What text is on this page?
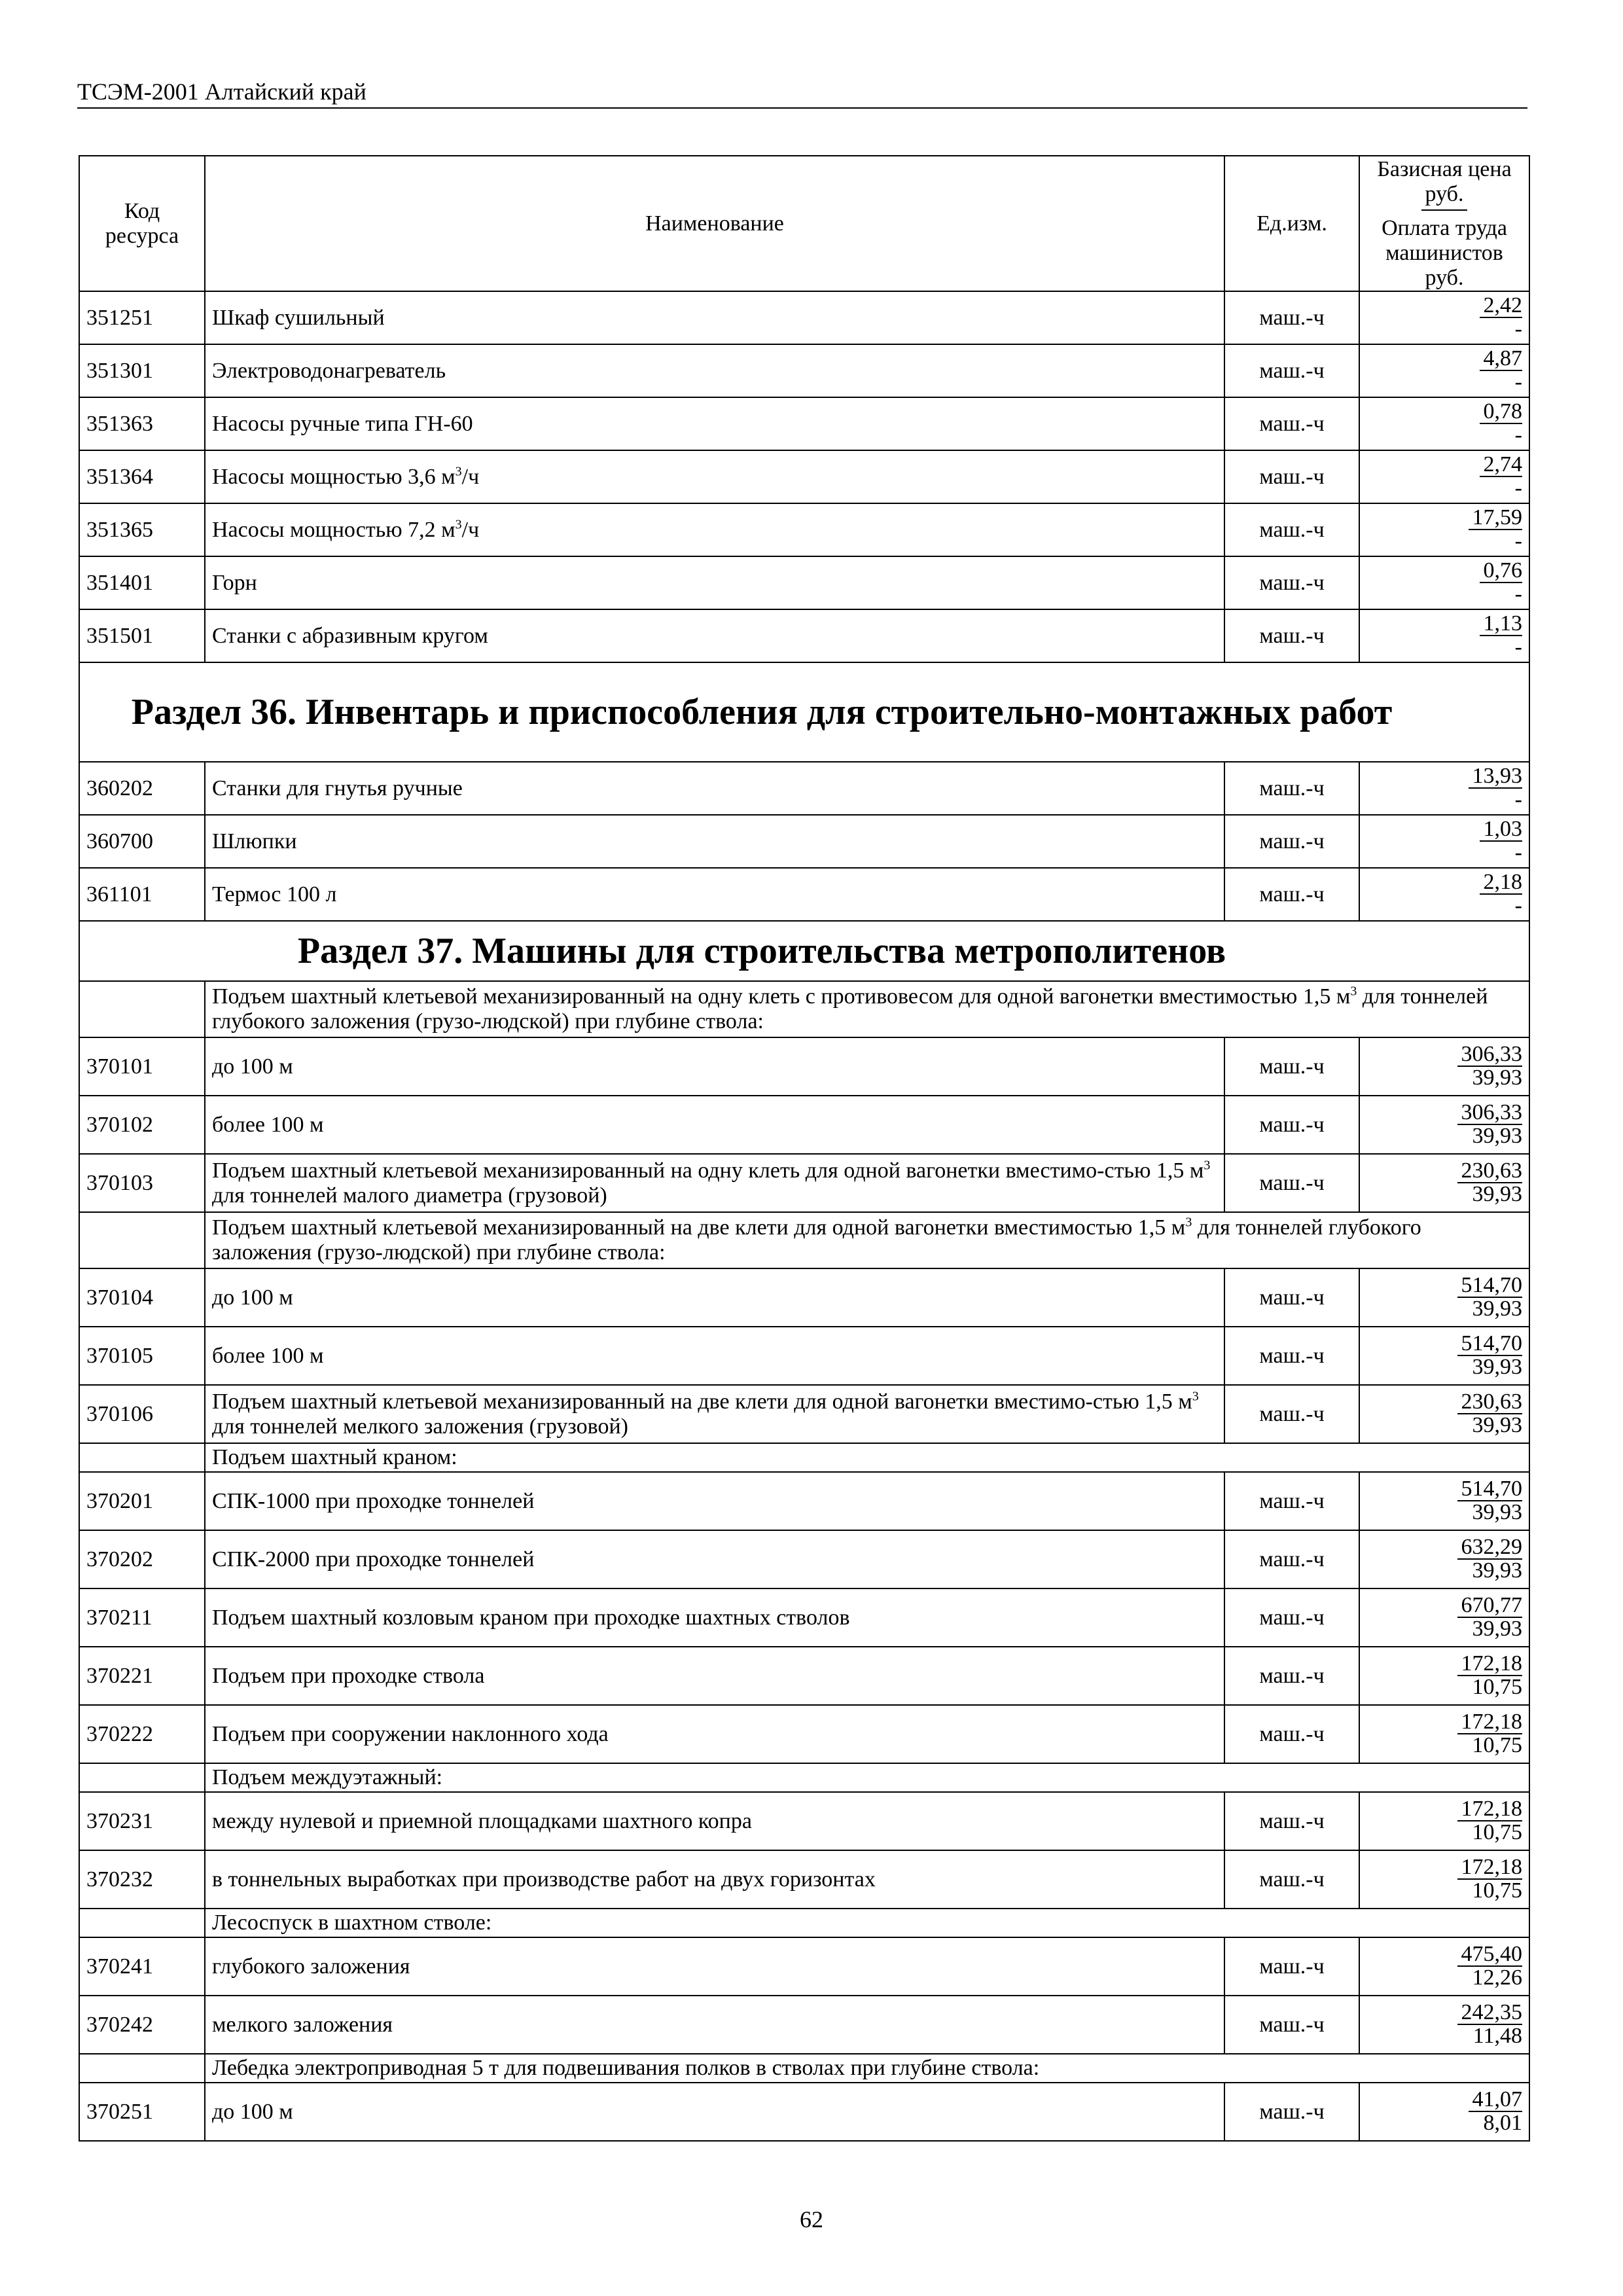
ТСЭМ-2001 Алтайский край
Код ресурса	Наименование	Ед.изм.	Базисная цена руб.
Оплата труда машинистов руб.
351251	Шкаф сушильный	маш.-ч	$\frac{2,42}{-}$

351301	Электроводонагреватель	маш.-ч	$\frac{4,87}{-}$

351363	Насосы ручные типа ГН-60	маш.-ч	$\frac{0,78}{-}$

351364	Насосы мощностью 3,6 $м^3/ч$	маш.-ч	$\frac{2,74}{-}$

351365	Насосы мощностью 7,2 $м^3/ч$	маш.-ч	$\frac{17,59}{-}$

351401	Горн	маш.-ч	$\frac{0,76}{-}$

351501	Станки с абразивным кругом	маш.-ч	$\frac{1,13}{-}$

Раздел 36. Инвентарь и приспособления для строительно-монтажных работ			
360202	Станки для гнутья ручные	маш.-ч	$\frac{13,93}{-}$

360700	Шлюпки	маш.-ч	$\frac{1,03}{-}$

361101	Термос 100 л	маш.-ч	$\frac{2,18}{-}$

Раздел 37. Машины для строительства метрополитенов			
	Подъем шахтный клетьевой механизированный на одну клеть с противовесом для одной вагонетки вместимостью 1,5 $м^3$ для тоннелей глубокого заложения (грузо-людской) при глубине ствола:		
370101	до 100 м	маш.-ч	$\frac{306,33}{39,93}$

370102	более 100 м	маш.-ч	$\frac{306,33}{39,93}$

370103	Подъем шахтный клетьевой механизированный на одну клеть для одной вагонетки вместимо-стью 1,5 $м^3$ для тоннелей малого диаметра (грузовой)	маш.-ч	$\frac{230,63}{39,93}$

	Подъем шахтный клетьевой механизированный на две клети для одной вагонетки вместимостью 1,5 $м^3$ для тоннелей глубокого заложения (грузо-людской) при глубине ствола:		
370104	до 100 м	маш.-ч	$\frac{514,70}{39,93}$

370105	более 100 м	маш.-ч	$\frac{514,70}{39,93}$

370106	Подъем шахтный клетьевой механизированный на две клети для одной вагонетки вместимо-стью 1,5 $м^3$ для тоннелей мелкого заложения (грузовой)	маш.-ч	$\frac{230,63}{39,93}$

	Подъем шахтный краном:		
370201	СПК-1000 при проходке тоннелей	маш.-ч	$\frac{514,70}{39,93}$

370202	СПК-2000 при проходке тоннелей	маш.-ч	$\frac{632,29}{39,93}$

370211	Подъем шахтный козловым краном при проходке шахтных стволов	маш.-ч	$\frac{670,77}{39,93}$

370221	Подъем при проходке ствола	маш.-ч	$\frac{172,18}{10,75}$

370222	Подъем при сооружении наклонного хода	маш.-ч	$\frac{172,18}{10,75}$

	Подъем междуэтажный:		
370231	между нулевой и приемной площадками шахтного копра	маш.-ч	$\frac{172,18}{10,75}$

370232	в тоннельных выработках при производстве работ на двух горизонтах	маш.-ч	$\frac{172,18}{10,75}$

	Лесоспуск в шахтном стволе:		
370241	глубокого заложения	маш.-ч	$\frac{475,40}{12,26}$

370242	мелкого заложения	маш.-ч	$\frac{242,35}{11,48}$

	Лебедка электроприводная 5 т для подвешивания полков в стволах при глубине ствола:		
370251	до 100 м	маш.-ч	$\frac{41,07}{8,01}$
62
